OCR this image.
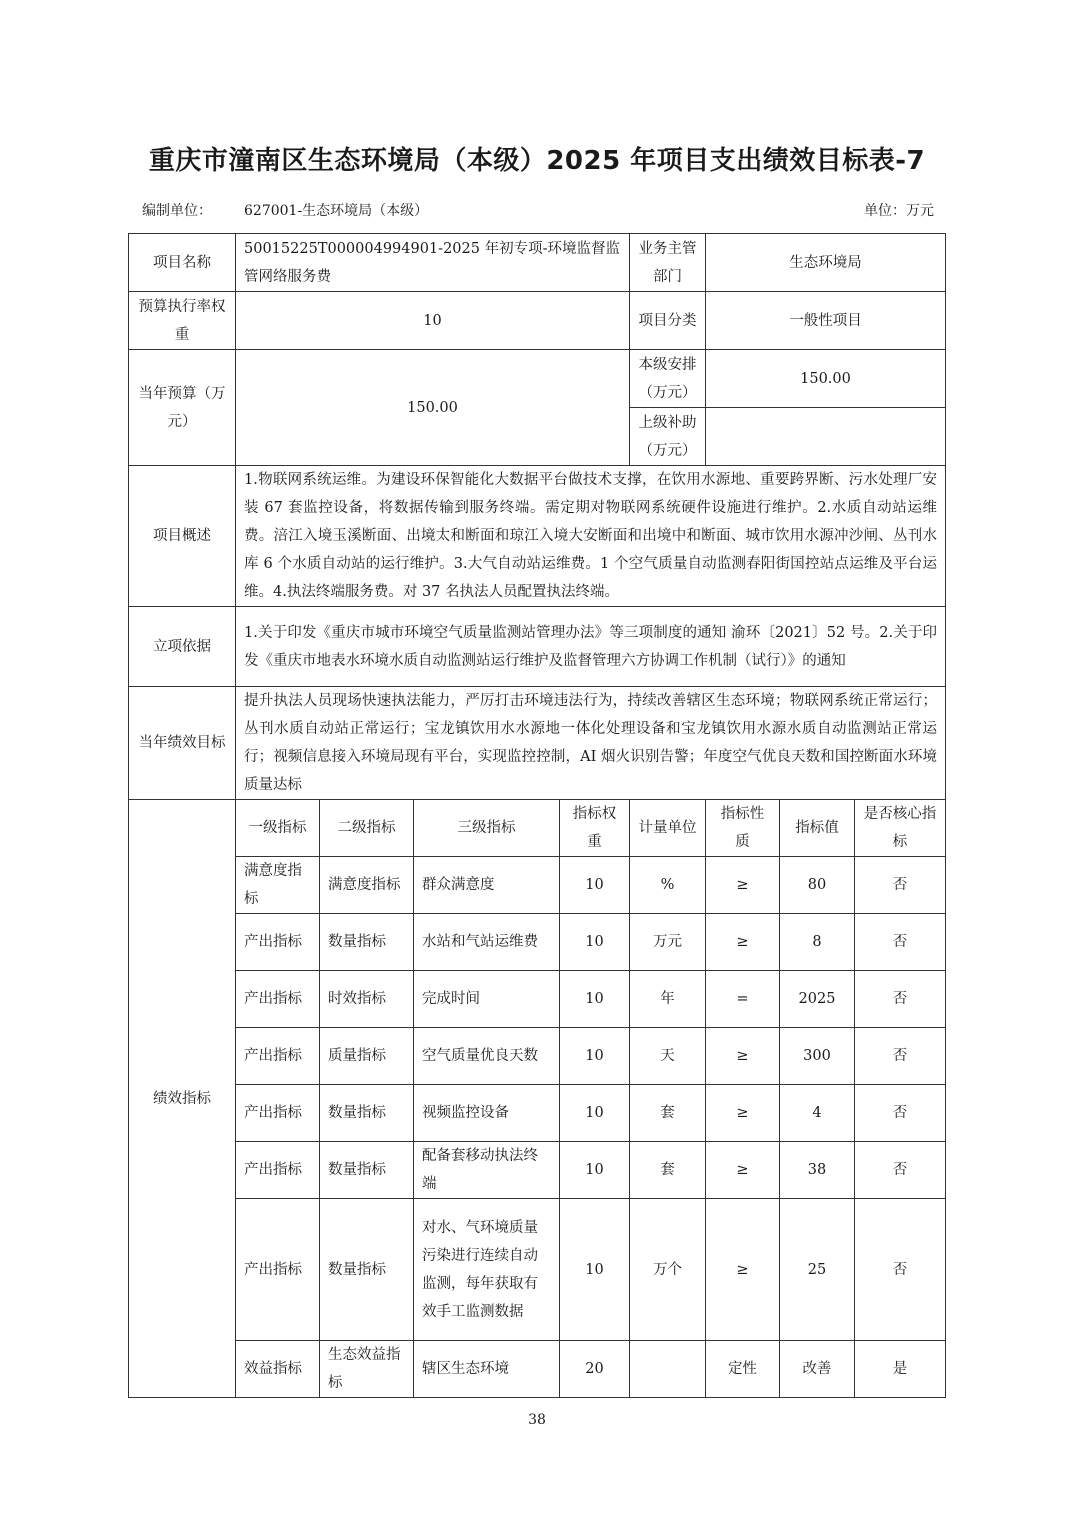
重庆市潼南区生态环境局（本级）2025 年项目支出绩效目标表-7
编制单位： 627001-生态环境局（本级）	单位：万元
项目名称	50015225T000004994901-2025 年初专项-环境监督监管网络服务费				业务主管部门	生态环境局		
预算执行率权重	10				项目分类	一般性项目		
当年预算（万元）	150.00				本级安排（万元）	150.00		
					上级补助（万元）			
项目概述	1.物联网系统运维。为建设环保智能化大数据平台做技术支撑，在饮用水源地、重要跨界断、污水处理厂安装 67 套监控设备，将数据传输到服务终端。需定期对物联网系统硬件设施进行维护。2.水质自动站运维费。涪江入境玉溪断面、出境太和断面和琼江入境大安断面和出境中和断面、城市饮用水源冲沙闸、丛刊水库 6 个水质自动站的运行维护。3.大气自动站运维费。1 个空气质量自动监测春阳街国控站点运维及平台运维。4.执法终端服务费。对 37 名执法人员配置执法终端。							
立项依据	1.关于印发《重庆市城市环境空气质量监测站管理办法》等三项制度的通知 渝环〔2021〕52 号。2.关于印发《重庆市地表水环境水质自动监测站运行维护及监督管理六方协调工作机制（试行）》的通知							
当年绩效目标	提升执法人员现场快速执法能力，严厉打击环境违法行为，持续改善辖区生态环境；物联网系统正常运行；丛刊水质自动站正常运行；宝龙镇饮用水水源地一体化处理设备和宝龙镇饮用水源水质自动监测站正常运行；视频信息接入环境局现有平台，实现监控控制，AI 烟火识别告警；年度空气优良天数和国控断面水环境质量达标							
绩效指标	一级指标	二级指标	三级指标	指标权重	计量单位	指标性质	指标值	是否核心指标
	满意度指标	满意度指标	群众满意度	10	%	≥	80	否
	产出指标	数量指标	水站和气站运维费	10	万元	≥	8	否
	产出指标	时效指标	完成时间	10	年	=	2025	否
	产出指标	质量指标	空气质量优良天数	10	天	≥	300	否
	产出指标	数量指标	视频监控设备	10	套	≥	4	否
	产出指标	数量指标	配备套移动执法终端	10	套	≥	38	否
	产出指标	数量指标	对水、气环境质量污染进行连续自动监测，每年获取有效手工监测数据	10	万个	≥	25	否
	效益指标	生态效益指标	辖区生态环境	20		定性	改善	是
38
